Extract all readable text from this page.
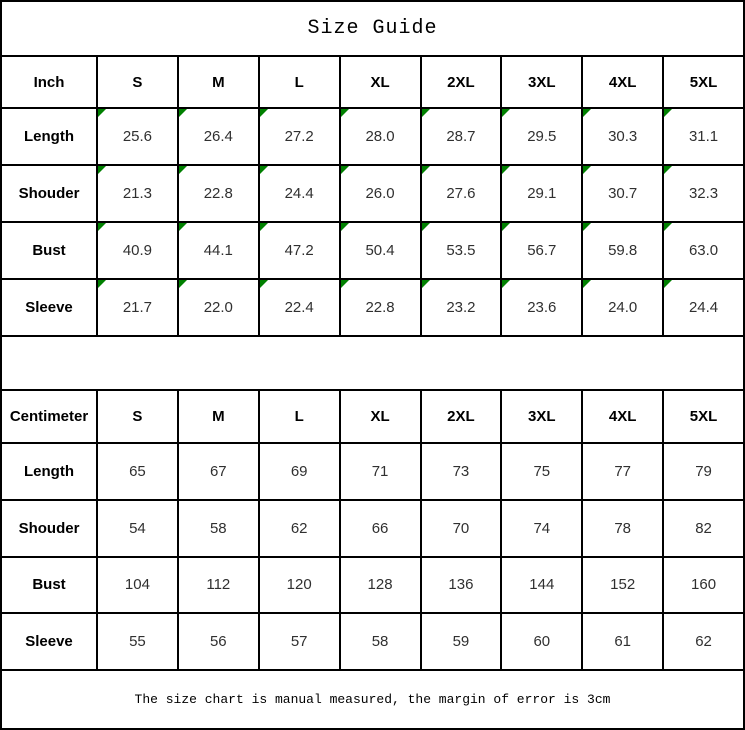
Size Guide								
Inch	S	M	L	XL	2XL	3XL	4XL	5XL
Length	25.6	26.4	27.2	28.0	28.7	29.5	30.3	31.1
Shouder	21.3	22.8	24.4	26.0	27.6	29.1	30.7	32.3
Bust	40.9	44.1	47.2	50.4	53.5	56.7	59.8	63.0
Sleeve	21.7	22.0	22.4	22.8	23.2	23.6	24.0	24.4

Centimeter	S	M	L	XL	2XL	3XL	4XL	5XL
Length	65	67	69	71	73	75	77	79
Shouder	54	58	62	66	70	74	78	82
Bust	104	112	120	128	136	144	152	160
Sleeve	55	56	57	58	59	60	61	62
The size chart is manual measured, the margin of error is 3cm								
